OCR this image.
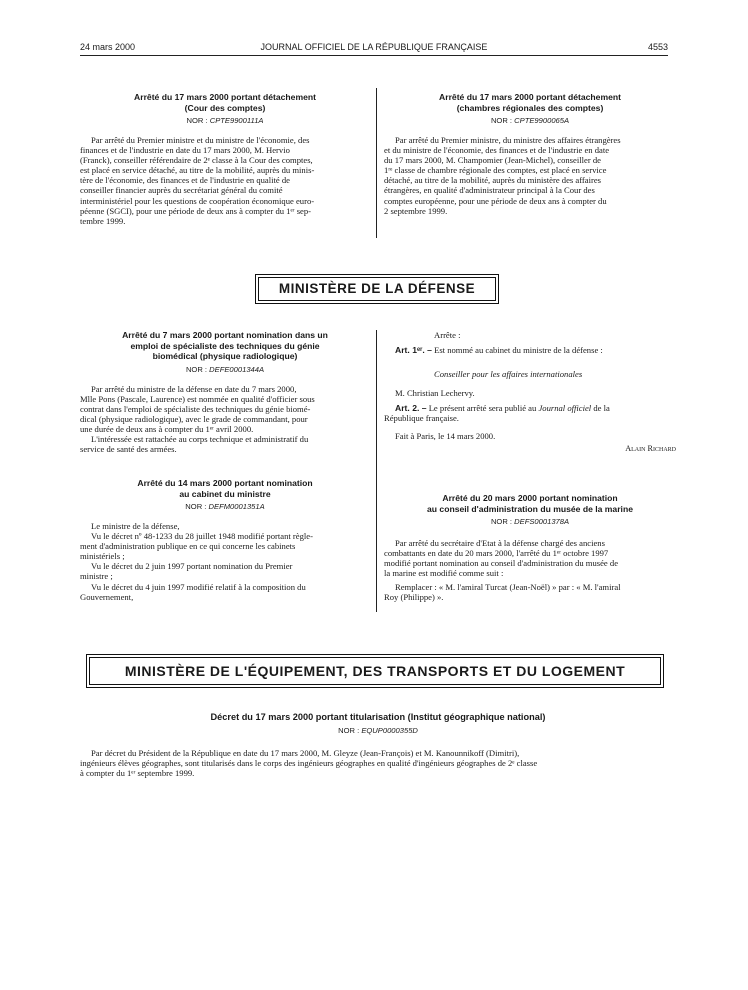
24 mars 2000	JOURNAL OFFICIEL DE LA RÉPUBLIQUE FRANÇAISE	4553
Arrêté du 17 mars 2000 portant détachement
(Cour des comptes)
NOR : CPTE9900111A

Par arrêté du Premier ministre et du ministre de l'économie, des

finances et de l'industrie en date du 17 mars 2000, M. Hervio

(Franck), conseiller référendaire de 2ᵉ classe à la Cour des comptes,

est placé en service détaché, au titre de la mobilité, auprès du minis-

tère de l'économie, des finances et de l'industrie en qualité de

conseiller financier auprès du secrétariat général du comité

interministériel pour les questions de coopération économique euro-

péenne (SGCI), pour une période de deux ans à compter du 1ᵉʳ sep-

tembre 1999.

Arrêté du 17 mars 2000 portant détachement
(chambres régionales des comptes)
NOR : CPTE9900065A

Par arrêté du Premier ministre, du ministre des affaires étrangères

et du ministre de l'économie, des finances et de l'industrie en date

du 17 mars 2000, M. Champomier (Jean-Michel), conseiller de

1ʳᵉ classe de chambre régionale des comptes, est placé en service

détaché, au titre de la mobilité, auprès du ministère des affaires

étrangères, en qualité d'administrateur principal à la Cour des

comptes européenne, pour une période de deux ans à compter du

2 septembre 1999.

MINISTÈRE DE LA DÉFENSE
Arrêté du 7 mars 2000 portant nomination dans un
emploi de spécialiste des techniques du génie
biomédical (physique radiologique)
NOR : DEFE0001344A

Par arrêté du ministre de la défense en date du 7 mars 2000,

Mlle Pons (Pascale, Laurence) est nommée en qualité d'officier sous

contrat dans l'emploi de spécialiste des techniques du génie biomé-

dical (physique radiologique), avec le grade de commandant, pour

une durée de deux ans à compter du 1ᵉʳ avril 2000.

L'intéressée est rattachée au corps technique et administratif du

service de santé des armées.

Arrêté du 14 mars 2000 portant nomination
au cabinet du ministre
NOR : DEFM0001351A

Le ministre de la défense,

Vu le décret nº 48-1233 du 28 juillet 1948 modifié portant règle-

ment d'administration publique en ce qui concerne les cabinets

ministériels ;

Vu le décret du 2 juin 1997 portant nomination du Premier

ministre ;

Vu le décret du 4 juin 1997 modifié relatif à la composition du

Gouvernement,

Arrête :

Art. 1ᵉʳ. – Est nommé au cabinet du ministre de la défense :

Conseiller pour les affaires internationales

M. Christian Lechervy.

Art. 2. – Le présent arrêté sera publié au Journal officiel de la

République française.

Fait à Paris, le 14 mars 2000.

Alain Richard

Arrêté du 20 mars 2000 portant nomination
au conseil d'administration du musée de la marine
NOR : DEFS0001378A

Par arrêté du secrétaire d'Etat à la défense chargé des anciens

combattants en date du 20 mars 2000, l'arrêté du 1ᵉʳ octobre 1997

modifié portant nomination au conseil d'administration du musée de

la marine est modifié comme suit :

Remplacer : « M. l'amiral Turcat (Jean-Noël) » par : « M. l'amiral

Roy (Philippe) ».

MINISTÈRE DE L'ÉQUIPEMENT, DES TRANSPORTS ET DU LOGEMENT
Décret du 17 mars 2000 portant titularisation (Institut géographique national)
NOR : EQUP0000355D

Par décret du Président de la République en date du 17 mars 2000, M. Gleyze (Jean-François) et M. Kanounnikoff (Dimitri),

ingénieurs élèves géographes, sont titularisés dans le corps des ingénieurs géographes en qualité d'ingénieurs géographes de 2ᵉ classe

à compter du 1ᵉʳ septembre 1999.
